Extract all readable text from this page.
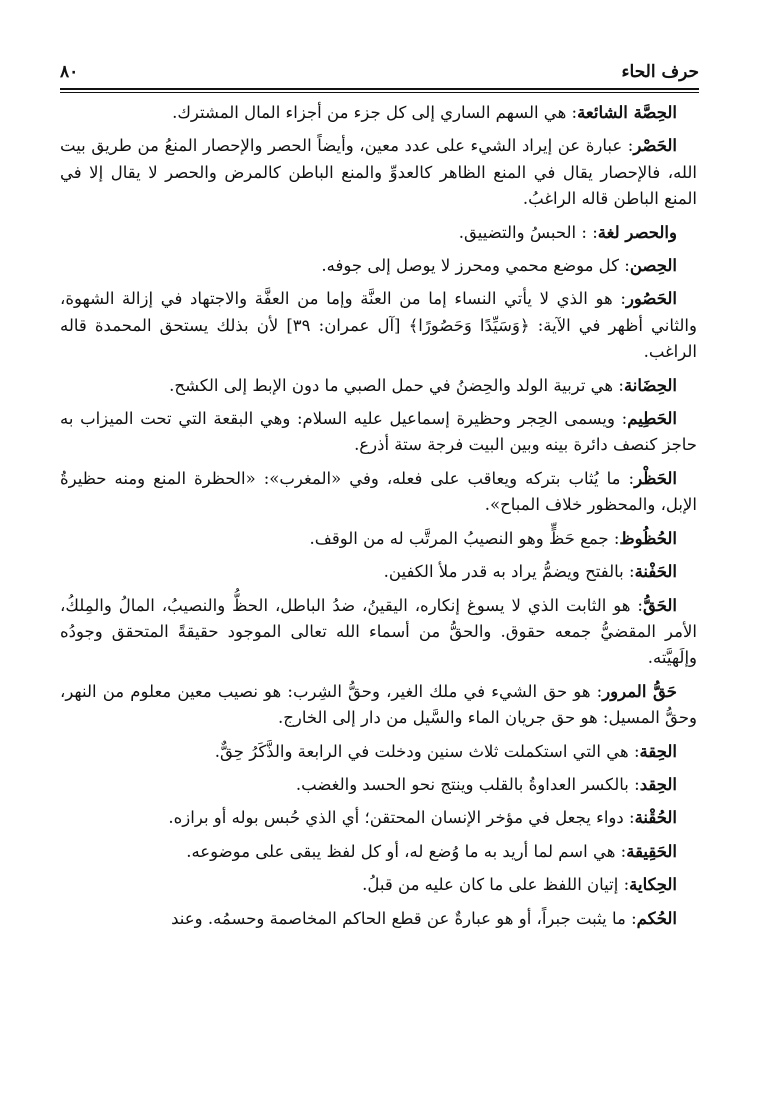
حرف الحاء
٨٠

الحِصَّة الشائعة: هي السهم الساري إلى كل جزء من أجزاء المال المشترك.

الحَصْر: عبارة عن إيراد الشيء على عدد معين، وأيضاً الحصر والإحصار المنعُ من طريق بيت الله، فالإحصار يقال في المنع الظاهر كالعدوِّ والمنع الباطن كالمرض والحصر لا يقال إلا في المنع الباطن قاله الراغبُ.

والحصر لغة: : الحبسُ والتضييق.

الحِصن: كل موضع محمي ومحرز لا يوصل إلى جوفه.

الحَصُور: هو الذي لا يأتي النساء إما من العنَّة وإما من العفَّة والاجتهاد في إزالة الشهوة، والثاني أظهر في الآية: ﴿وَسَيِّدًا وَحَصُورًا﴾ [آل عمران: ٣٩] لأن بذلك يستحق المحمدة قاله الراغب.

الحِضَانة: هي تربية الولد والحِضنُ في حمل الصبي ما دون الإبط إلى الكشح.

الحَطِيم: ويسمى الحِجر وحظيرة إسماعيل عليه السلام: وهي البقعة التي تحت الميزاب به حاجز كنصف دائرة بينه وبين البيت فرجة ستة أذرع.

الحَظْر: ما يُثاب بتركه ويعاقب على فعله، وفي «المغرب»: «الحظرة المنع ومنه حظيرةُ الإبل، والمحظور خلاف المباح».

الحُظُوظ: جمع حَظٍّ وهو النصيبُ المرتَّب له من الوقف.

الحَفْنة: بالفتح ويضمُّ يراد به قدر ملأ الكفين.

الحَقُّ: هو الثابت الذي لا يسوغ إنكاره، اليقينُ، ضدُ الباطل، الحظُّ والنصيبُ، المالُ والمِلكُ، الأمر المقضيُّ جمعه حقوق. والحقُّ من أسماء الله تعالى الموجود حقيقةً المتحقق وجودُه وإلَهيَّته.

حَقُّ المرور: هو حق الشيء في ملك الغير، وحقُّ الشِرب: هو نصيب معين معلوم من النهر، وحقُّ المسيل: هو حق جريان الماء والسَّيل من دار إلى الخارج.

الحِقة: هي التي استكملت ثلاث سنين ودخلت في الرابعة والذَّكَرُ حِقٌّ.

الحِقد: بالكسر العداوةُ بالقلب وينتج نحو الحسد والغضب.

الحُقْنة: دواء يجعل في مؤخر الإنسان المحتقن؛ أي الذي حُبس بوله أو برازه.

الحَقِيقة: هي اسم لما أريد به ما وُضع له، أو كل لفظ يبقى على موضوعه.

الحِكاية: إتيان اللفظ على ما كان عليه من قبلُ.

الحُكم: ما يثبت جبراً، أو هو عبارةٌ عن قطع الحاكم المخاصمة وحسمُه. وعند
